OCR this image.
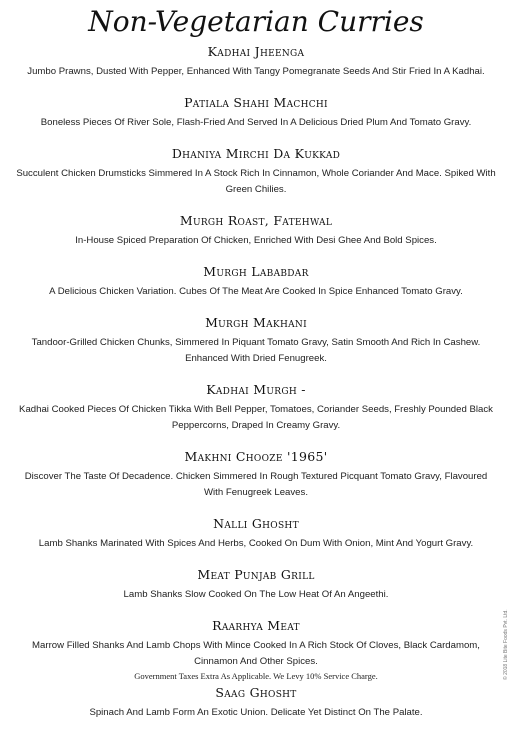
Non-Vegetarian Curries
Kadhai Jheenga
Jumbo Prawns, Dusted With Pepper, Enhanced With Tangy Pomegranate Seeds And Stir Fried In A Kadhai.
Patiala Shahi Machchi
Boneless Pieces Of River Sole, Flash-Fried And Served In A Delicious Dried Plum And Tomato Gravy.
Dhaniya Mirchi Da Kukkad
Succulent Chicken Drumsticks Simmered In A Stock Rich In Cinnamon, Whole Coriander And Mace. Spiked With Green Chilies.
Murgh Roast, Fatehwal
In-House Spiced Preparation Of Chicken, Enriched With Desi Ghee And Bold Spices.
Murgh Lababdar
A Delicious Chicken Variation. Cubes Of The Meat Are Cooked In Spice Enhanced Tomato Gravy.
Murgh Makhani
Tandoor-Grilled Chicken Chunks, Simmered In Piquant Tomato Gravy, Satin Smooth And Rich In Cashew. Enhanced With Dried Fenugreek.
Kadhai Murgh -
Kadhai Cooked Pieces Of Chicken Tikka With Bell Pepper, Tomatoes, Coriander Seeds, Freshly Pounded Black Peppercorns, Draped In Creamy Gravy.
Makhni Chooze '1965'
Discover The Taste Of Decadence. Chicken Simmered In Rough Textured Picquant Tomato Gravy, Flavoured With Fenugreek Leaves.
Nalli Ghosht
Lamb Shanks Marinated With Spices And Herbs, Cooked On Dum With Onion, Mint And Yogurt Gravy.
Meat Punjab Grill
Lamb Shanks Slow Cooked On The Low Heat Of An Angeethi.
Raarhya Meat
Marrow Filled Shanks And Lamb Chops With Mince Cooked In A Rich Stock Of Cloves, Black Cardamom, Cinnamon And Other Spices.
Saag Ghosht
Spinach And Lamb Form An Exotic Union. Delicate Yet Distinct On The Palate.
Government Taxes Extra As Applicable. We Levy 10% Service Charge.	© 2018 Lite Bite Foods Pvt. Ltd.
